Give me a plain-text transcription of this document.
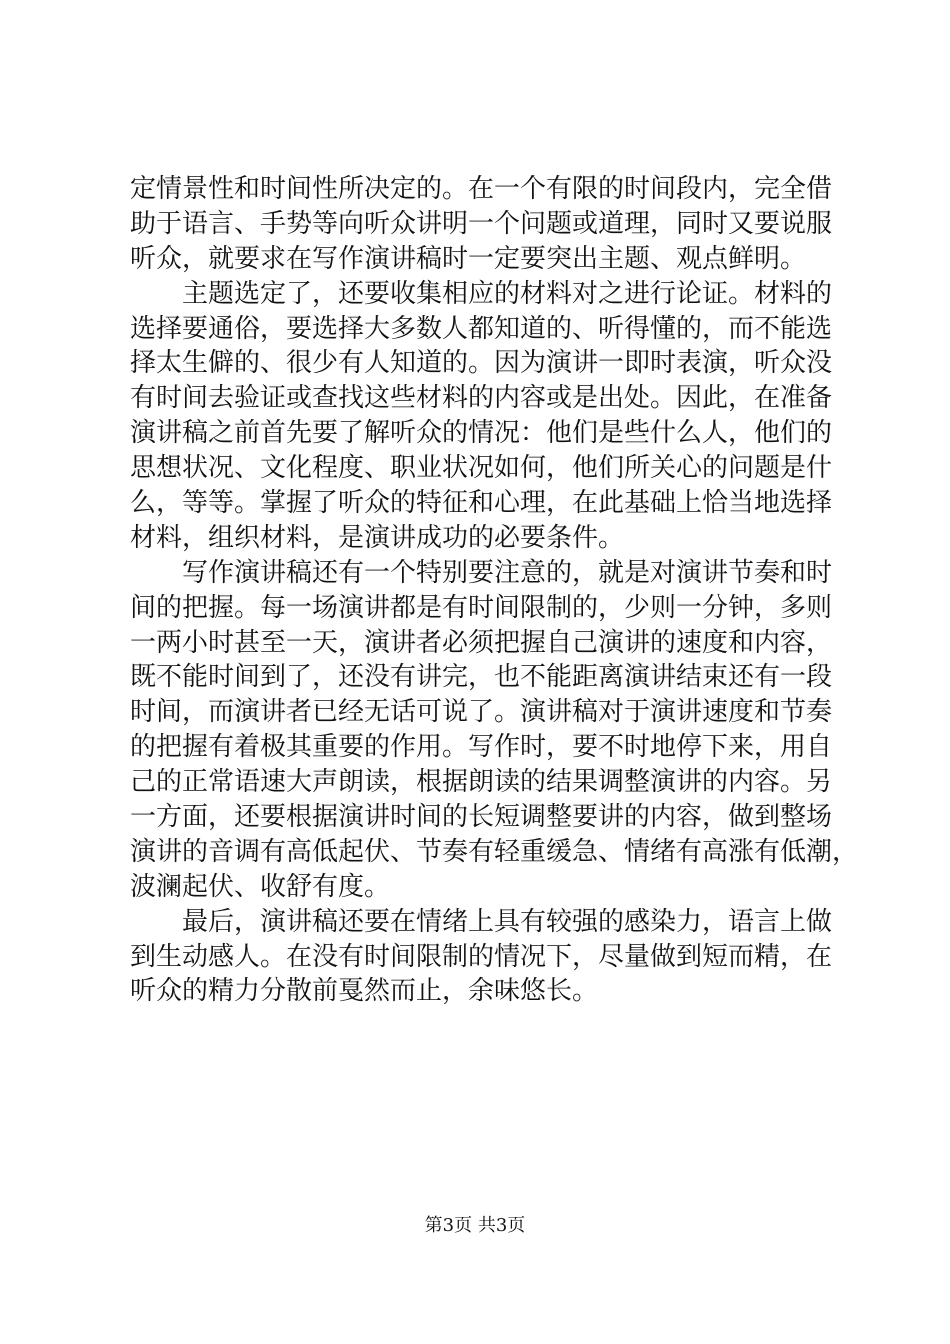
定情景性和时间性所决定的。在一个有限的时间段内，完全借
助于语言、手势等向听众讲明一个问题或道理，同时又要说服
听众，就要求在写作演讲稿时一定要突出主题、观点鲜明。
主题选定了，还要收集相应的材料对之进行论证。材料的
选择要通俗，要选择大多数人都知道的、听得懂的，而不能选
择太生僻的、很少有人知道的。因为演讲一即时表演，听众没
有时间去验证或查找这些材料的内容或是出处。因此，在准备
演讲稿之前首先要了解听众的情况：他们是些什么人，他们的
思想状况、文化程度、职业状况如何，他们所关心的问题是什
么，等等。掌握了听众的特征和心理，在此基础上恰当地选择
材料，组织材料，是演讲成功的必要条件。
写作演讲稿还有一个特别要注意的，就是对演讲节奏和时
间的把握。每一场演讲都是有时间限制的，少则一分钟，多则
一两小时甚至一天，演讲者必须把握自己演讲的速度和内容，
既不能时间到了，还没有讲完，也不能距离演讲结束还有一段
时间，而演讲者已经无话可说了。演讲稿对于演讲速度和节奏
的把握有着极其重要的作用。写作时，要不时地停下来，用自
己的正常语速大声朗读，根据朗读的结果调整演讲的内容。另
一方面，还要根据演讲时间的长短调整要讲的内容，做到整场
演讲的音调有高低起伏、节奏有轻重缓急、情绪有高涨有低潮，
波澜起伏、收舒有度。
最后，演讲稿还要在情绪上具有较强的感染力，语言上做
到生动感人。在没有时间限制的情况下，尽量做到短而精，在
听众的精力分散前戛然而止，余味悠长。
第3页 共3页
